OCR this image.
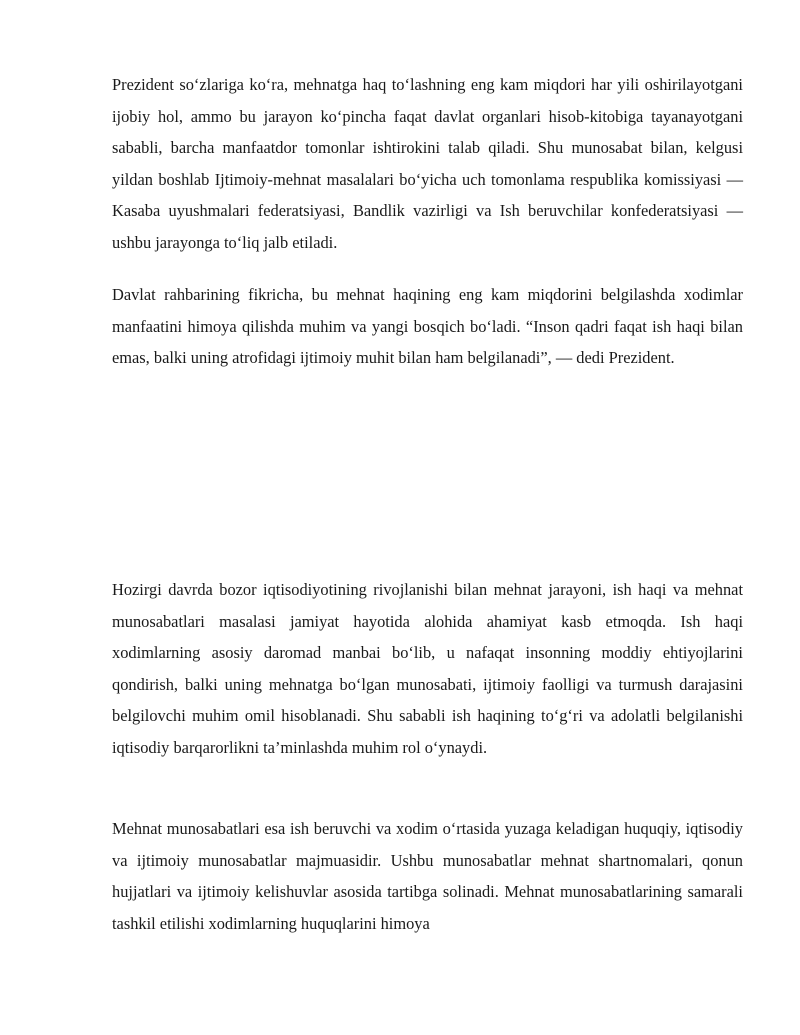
Prezident so‘zlariga ko‘ra, mehnatga haq to‘lashning eng kam miqdori har yili oshirilayotgani ijobiy hol, ammo bu jarayon ko‘pincha faqat davlat organlari hisob-kitobiga tayanayotgani sababli, barcha manfaatdor tomonlar ishtirokini talab qiladi. Shu munosabat bilan, kelgusi yildan boshlab Ijtimoiy-mehnat masalalari bo‘yicha uch tomonlama respublika komissiyasi — Kasaba uyushmalari federatsiyasi, Bandlik vazirligi va Ish beruvchilar konfederatsiyasi — ushbu jarayonga to‘liq jalb etiladi.

Davlat rahbarining fikricha, bu mehnat haqining eng kam miqdorini belgilashda xodimlar manfaatini himoya qilishda muhim va yangi bosqich bo‘ladi. “Inson qadri faqat ish haqi bilan emas, balki uning atrofidagi ijtimoiy muhit bilan ham belgilanadi”, — dedi Prezident.

Hozirgi davrda bozor iqtisodiyotining rivojlanishi bilan mehnat jarayoni, ish haqi va mehnat munosabatlari masalasi jamiyat hayotida alohida ahamiyat kasb etmoqda. Ish haqi xodimlarning asosiy daromad manbai bo‘lib, u nafaqat insonning moddiy ehtiyojlarini qondirish, balki uning mehnatga bo‘lgan munosabati, ijtimoiy faolligi va turmush darajasini belgilovchi muhim omil hisoblanadi. Shu sababli ish haqining to‘g‘ri va adolatli belgilanishi iqtisodiy barqarorlikni ta’minlashda muhim rol o‘ynaydi.

Mehnat munosabatlari esa ish beruvchi va xodim o‘rtasida yuzaga keladigan huquqiy, iqtisodiy va ijtimoiy munosabatlar majmuasidir. Ushbu munosabatlar mehnat shartnomalari, qonun hujjatlari va ijtimoiy kelishuvlar asosida tartibga solinadi. Mehnat munosabatlarining samarali tashkil etilishi xodimlarning huquqlarini himoya
